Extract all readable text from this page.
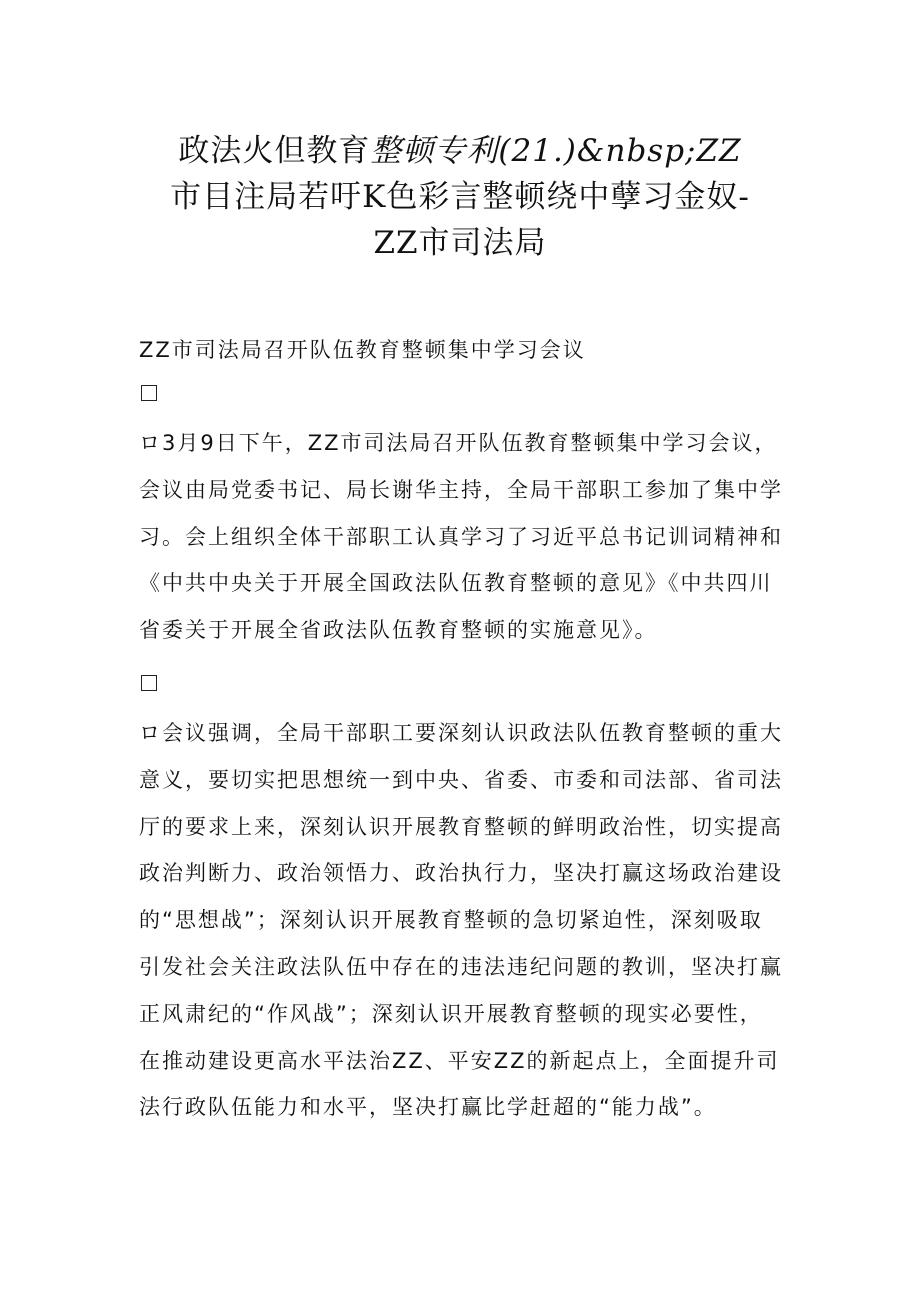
政法火但教育整顿专利(21.)&nbsp;ZZ
市目注局若吁K色彩言整顿绕中孽习金奴-
ZZ市司法局
ZZ市司法局召开队伍教育整顿集中学习会议
ロ3月9日下午，ZZ市司法局召开队伍教育整顿集中学习会议，
会议由局党委书记、局长谢华主持，全局干部职工参加了集中学
习。会上组织全体干部职工认真学习了习近平总书记训词精神和
《中共中央关于开展全国政法队伍教育整顿的意见》《中共四川
省委关于开展全省政法队伍教育整顿的实施意见》。
ロ会议强调，全局干部职工要深刻认识政法队伍教育整顿的重大
意义，要切实把思想统一到中央、省委、市委和司法部、省司法
厅的要求上来，深刻认识开展教育整顿的鲜明政治性，切实提高
政治判断力、政治领悟力、政治执行力，坚决打赢这场政治建设
的“思想战”；深刻认识开展教育整顿的急切紧迫性，深刻吸取
引发社会关注政法队伍中存在的违法违纪问题的教训，坚决打赢
正风肃纪的“作风战”；深刻认识开展教育整顿的现实必要性，
在推动建设更高水平法治ZZ、平安ZZ的新起点上，全面提升司
法行政队伍能力和水平，坚决打赢比学赶超的“能力战”。
